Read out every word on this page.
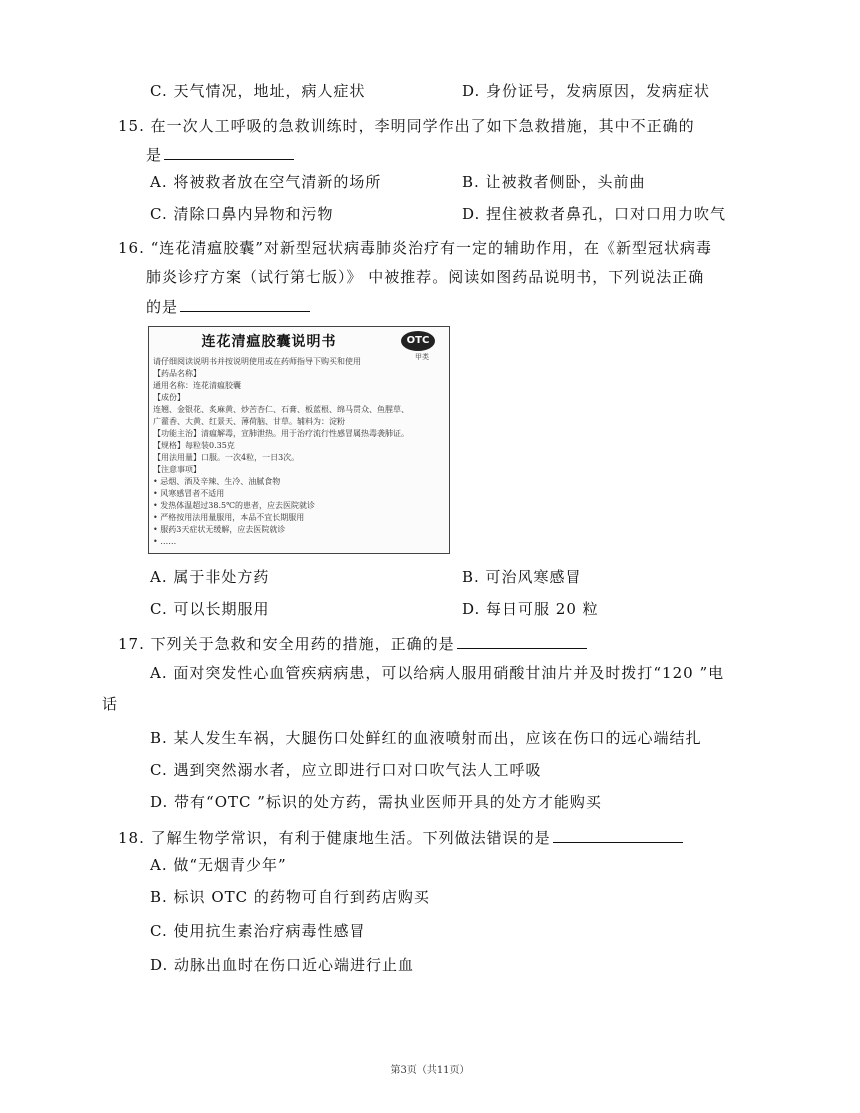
C. 天气情况，地址，病人症状	D. 身份证号，发病原因，发病症状
15. 在一次人工呼吸的急救训练时，李明同学作出了如下急救措施，其中不正确的
是
A. 将被救者放在空气清新的场所	B. 让被救者侧卧，头前曲
C. 清除口鼻内异物和污物	D. 捏住被救者鼻孔，口对口用力吹气
16. “连花清瘟胶囊”对新型冠状病毒肺炎治疗有一定的辅助作用，在《新型冠状病毒
肺炎诊疗方案（试行第七版）》 中被推荐。阅读如图药品说明书，下列说法正确
的是
连花清瘟胶囊说明书	OTC
甲类
请仔细阅读说明书并按说明使用或在药师指导下购买和使用
【药品名称】
通用名称：连花清瘟胶囊
【成份】
连翘、金银花、炙麻黄、炒苦杏仁、石膏、板蓝根、绵马贯众、鱼腥草、
广藿香、大黄、红景天、薄荷脑、甘草。辅料为：淀粉
【功能主治】清瘟解毒，宣肺泄热。用于治疗流行性感冒属热毒袭肺证。
【规格】每粒装0.35克
【用法用量】口服。一次4粒，一日3次。
【注意事项】
• 忌烟、酒及辛辣、生冷、油腻食物
• 风寒感冒者不适用
• 发热体温超过38.5℃的患者，应去医院就诊
• 严格按用法用量服用，本品不宜长期服用
• 服药3天症状无缓解，应去医院就诊
• ……
A. 属于非处方药	B. 可治风寒感冒
C. 可以长期服用	D. 每日可服 20 粒
17. 下列关于急救和安全用药的措施，正确的是
A. 面对突发性心血管疾病病患，可以给病人服用硝酸甘油片并及时拨打“120 ”电
话
B. 某人发生车祸，大腿伤口处鲜红的血液喷射而出，应该在伤口的远心端结扎
C. 遇到突然溺水者，应立即进行口对口吹气法人工呼吸
D. 带有“OTC ”标识的处方药，需执业医师开具的处方才能购买
18. 了解生物学常识，有利于健康地生活。下列做法错误的是
A. 做“无烟青少年”
B. 标识 OTC 的药物可自行到药店购买
C. 使用抗生素治疗病毒性感冒
D. 动脉出血时在伤口近心端进行止血
第3页（共11页）
